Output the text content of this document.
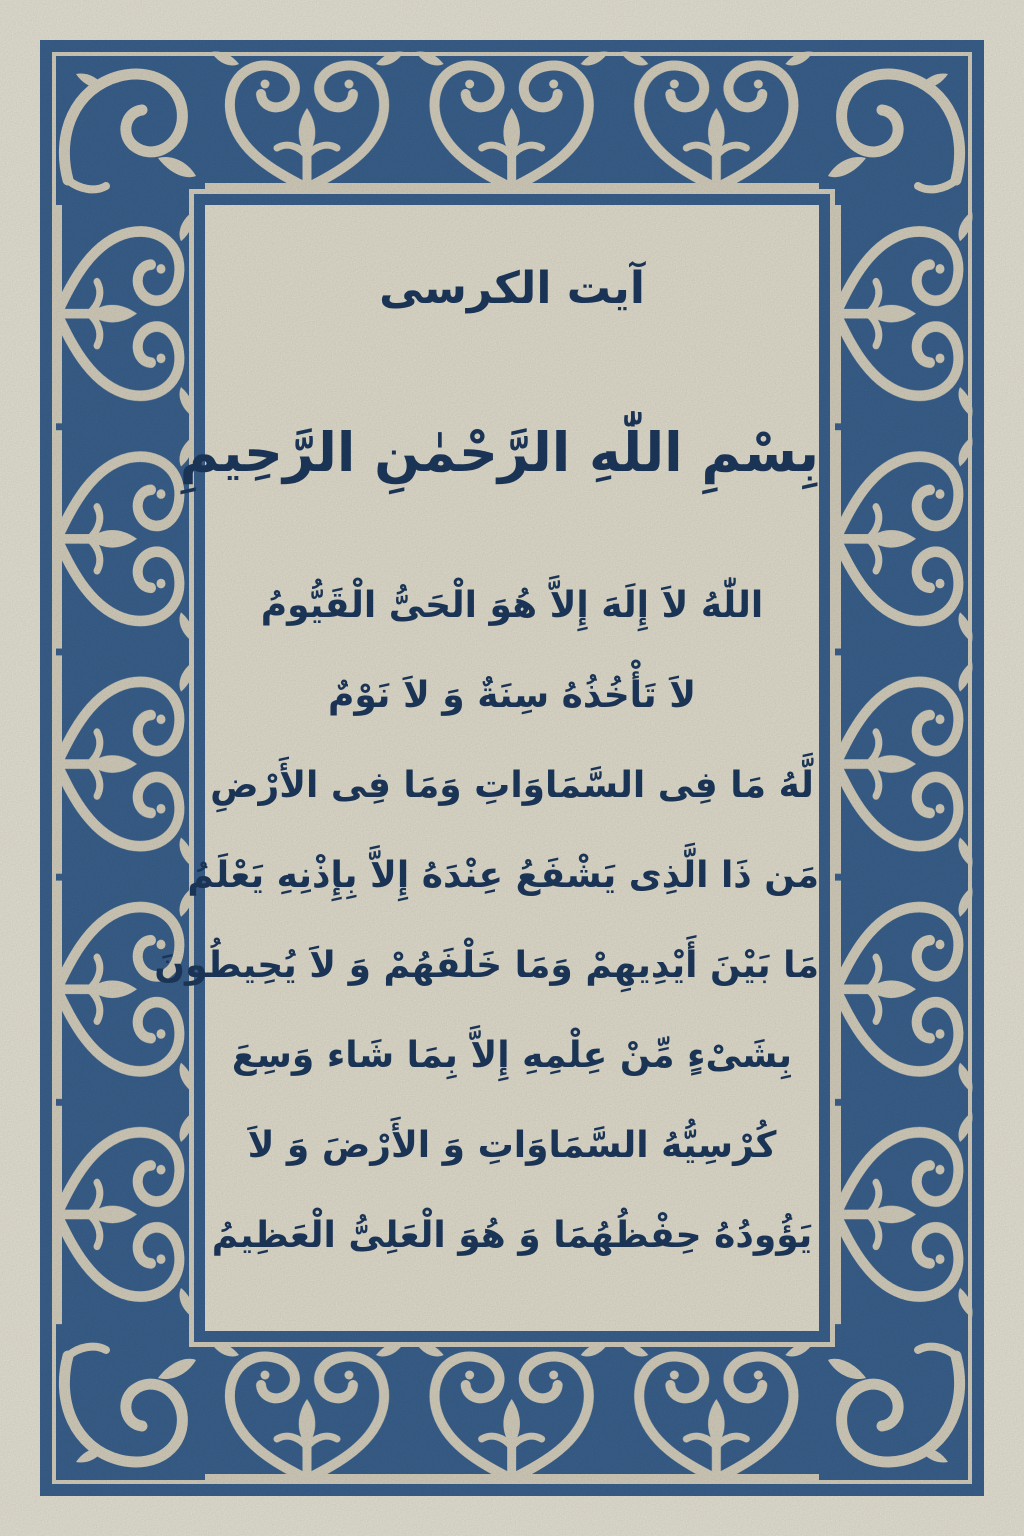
آيت الكرسى
بِسْمِ اللّٰهِ الرَّحْمٰنِ الرَّحِيمِ
اللّٰهُ لاَ إِلَهَ إِلاَّ هُوَ الْحَىُّ الْقَيُّومُ
لاَ تَأْخُذُهُ سِنَةٌ وَ لاَ نَوْمٌ
لَّهُ مَا فِى السَّمَاوَاتِ وَمَا فِى الأَرْضِ
مَن ذَا الَّذِى يَشْفَعُ عِنْدَهُ إِلاَّ بِإِذْنِهِ يَعْلَمُ
مَا بَيْنَ أَيْدِيهِمْ وَمَا خَلْفَهُمْ وَ لاَ يُحِيطُونَ
بِشَىْءٍ مِّنْ عِلْمِهِ إِلاَّ بِمَا شَاء وَسِعَ
كُرْسِيُّهُ السَّمَاوَاتِ وَ الأَرْضَ وَ لاَ
يَؤُودُهُ حِفْظُهُمَا وَ هُوَ الْعَلِىُّ الْعَظِيمُ
